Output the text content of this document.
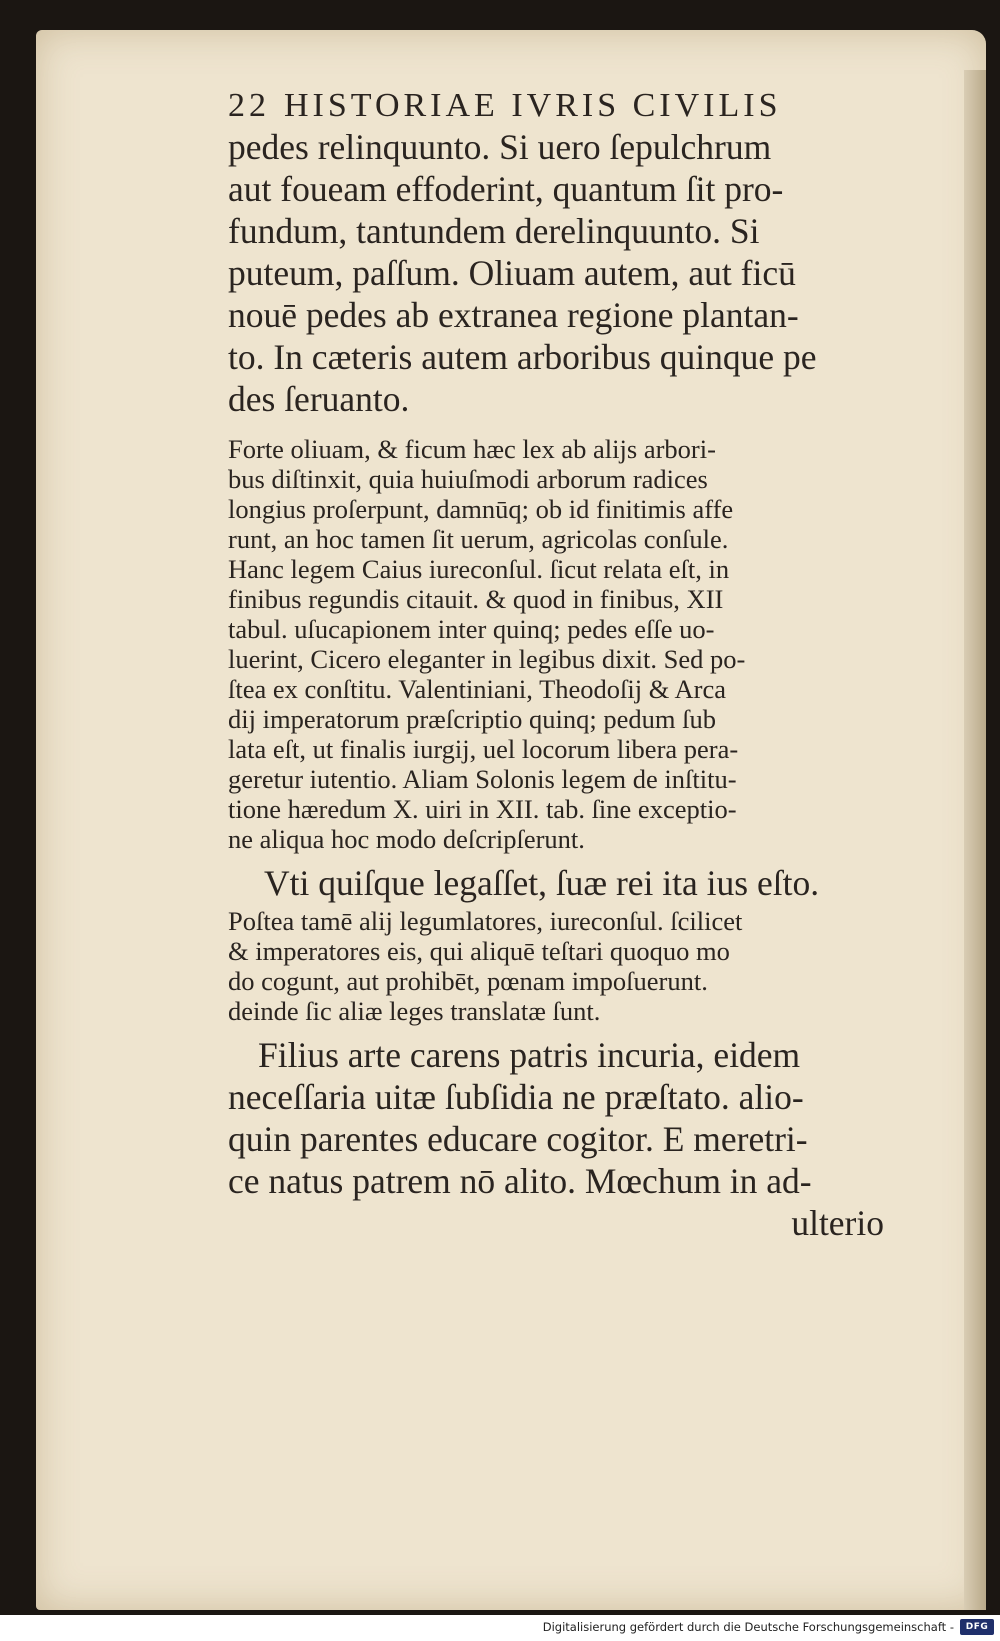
22 HISTORIAE IVRIS CIVILIS
pedes relinquunto. Si uero ſepulchrum
aut foueam effoderint, quantum ſit pro-
fundum, tantundem derelinquunto. Si
puteum, paſſum. Oliuam autem, aut ficū
nouē pedes ab extranea regione plantan-
to. In cæteris autem arboribus quinque pe
des ſeruanto.
Forte oliuam, & ficum hæc lex ab alijs arbori-
bus diſtinxit, quia huiuſmodi arborum radices
longius proſerpunt, damnūq; ob id finitimis affe
runt, an hoc tamen ſit uerum, agricolas conſule.
Hanc legem Caius iureconſul. ſicut relata eſt, in
finibus regundis citauit. & quod in finibus, XII
tabul. uſucapionem inter quinq; pedes eſſe uo-
luerint, Cicero eleganter in legibus dixit. Sed po-
ſtea ex conſtitu. Valentiniani, Theodoſij & Arca
dij imperatorum præſcriptio quinq; pedum ſub
lata eſt, ut finalis iurgij, uel locorum libera pera-
geretur iutentio. Aliam Solonis legem de inſtitu-
tione hæredum X. uiri in XII. tab. ſine exceptio-
ne aliqua hoc modo deſcripſerunt.
Vti quiſque legaſſet, ſuæ rei ita ius eſto.
Poſtea tamē alij legumlatores, iureconſul. ſcilicet
& imperatores eis, qui aliquē teſtari quoquo mo
do cogunt, aut prohibēt, pœnam impoſuerunt.
deinde ſic aliæ leges translatæ ſunt.
Filius arte carens patris incuria, eidem
neceſſaria uitæ ſubſidia ne præſtato. alio-
quin parentes educare cogitor. E meretri-
ce natus patrem nō alito. Mœchum in ad-
ulterio
Digitalisierung gefördert durch die Deutsche Forschungsgemeinschaft - DFG
